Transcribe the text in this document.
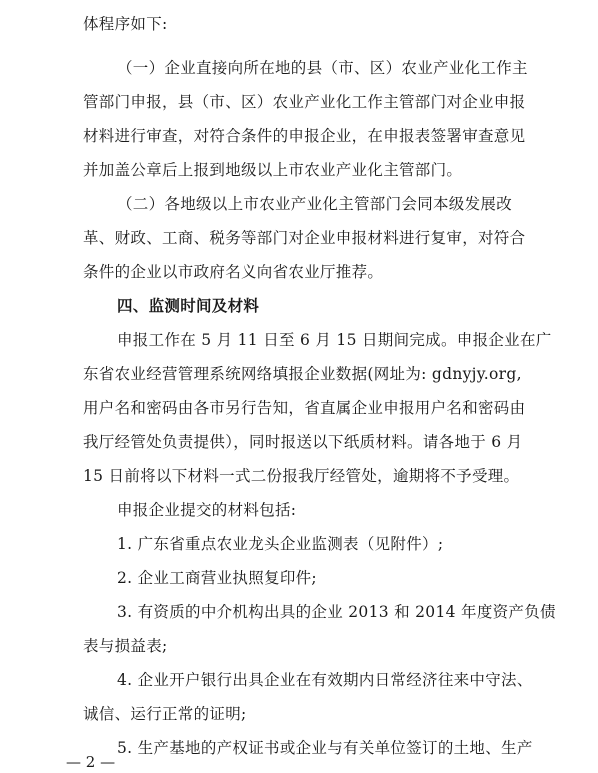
体程序如下:
（一）企业直接向所在地的县（市、区）农业产业化工作主
管部门申报，县（市、区）农业产业化工作主管部门对企业申报
材料进行审查，对符合条件的申报企业，在申报表签署审查意见
并加盖公章后上报到地级以上市农业产业化主管部门。
（二）各地级以上市农业产业化主管部门会同本级发展改
革、财政、工商、税务等部门对企业申报材料进行复审，对符合
条件的企业以市政府名义向省农业厅推荐。
四、监测时间及材料
申报工作在 5 月 11 日至 6 月 15 日期间完成。申报企业在广
东省农业经营管理系统网络填报企业数据(网址为: gdnyjy.org,
用户名和密码由各市另行告知，省直属企业申报用户名和密码由
我厅经管处负责提供），同时报送以下纸质材料。请各地于 6 月
15 日前将以下材料一式二份报我厅经管处，逾期将不予受理。
申报企业提交的材料包括:
1. 广东省重点农业龙头企业监测表（见附件）;
2. 企业工商营业执照复印件;
3. 有资质的中介机构出具的企业 2013 和 2014 年度资产负债
表与损益表;
4. 企业开户银行出具企业在有效期内日常经济往来中守法、
诚信、运行正常的证明;
5. 生产基地的产权证书或企业与有关单位签订的土地、生产
— 2 —
